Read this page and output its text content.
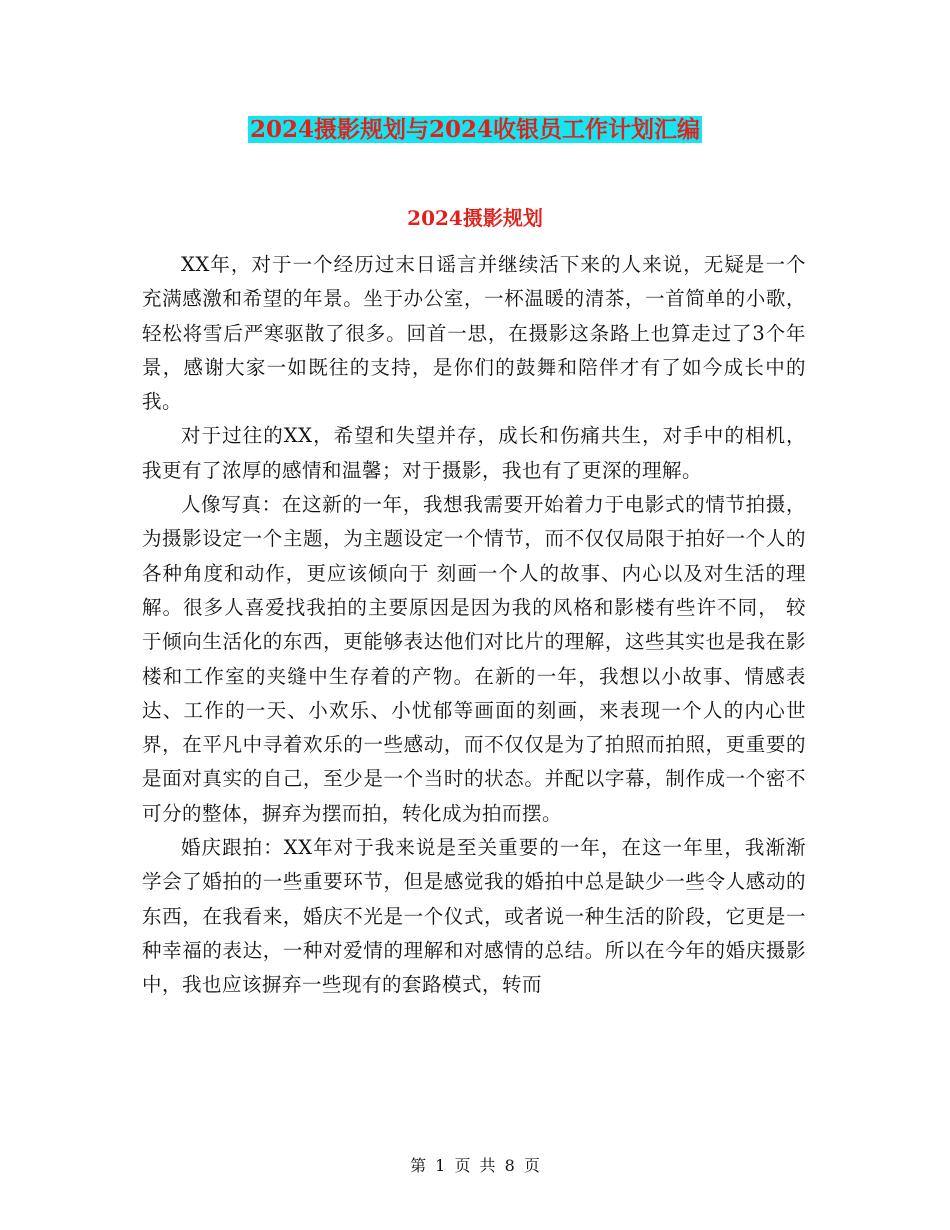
2024摄影规划与2024收银员工作计划汇编
2024摄影规划

XX年，对于一个经历过末日谣言并继续活下来的人来说，无疑是一个充满感激和希望的年景。坐于办公室，一杯温暖的清茶，一首简单的小歌，轻松将雪后严寒驱散了很多。回首一思，在摄影这条路上也算走过了3个年景，感谢大家一如既往的支持，是你们的鼓舞和陪伴才有了如今成长中的我。

对于过往的XX，希望和失望并存，成长和伤痛共生，对手中的相机，我更有了浓厚的感情和温馨；对于摄影，我也有了更深的理解。

人像写真：在这新的一年，我想我需要开始着力于电影式的情节拍摄，为摄影设定一个主题，为主题设定一个情节，而不仅仅局限于拍好一个人的各种角度和动作，更应该倾向于 刻画一个人的故事、内心以及对生活的理解。很多人喜爱找我拍的主要原因是因为我的风格和影楼有些许不同， 较于倾向生活化的东西，更能够表达他们对比片的理解，这些其实也是我在影楼和工作室的夹缝中生存着的产物。在新的一年，我想以小故事、情感表达、工作的一天、小欢乐、小忧郁等画面的刻画，来表现一个人的内心世界，在平凡中寻着欢乐的一些感动，而不仅仅是为了拍照而拍照，更重要的是面对真实的自己，至少是一个当时的状态。并配以字幕，制作成一个密不可分的整体，摒弃为摆而拍，转化成为拍而摆。

婚庆跟拍：XX年对于我来说是至关重要的一年，在这一年里，我渐渐学会了婚拍的一些重要环节，但是感觉我的婚拍中总是缺少一些令人感动的东西，在我看来，婚庆不光是一个仪式，或者说一种生活的阶段，它更是一种幸福的表达，一种对爱情的理解和对感情的总结。所以在今年的婚庆摄影中，我也应该摒弃一些现有的套路模式，转而

第 1 页 共 8 页
